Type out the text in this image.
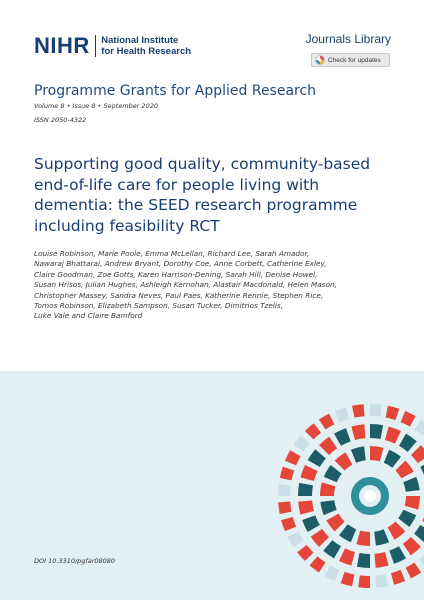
NIHR National Institute
for Health Research
Journals Library
Check for updates
Programme Grants for Applied Research
Volume 8 • Issue 8 • September 2020
ISSN 2050-4322
Supporting good quality, community-based
end-of-life care for people living with
dementia: the SEED research programme
including feasibility RCT
Louise Robinson, Marie Poole, Emma McLellan, Richard Lee, Sarah Amador,
Nawaraj Bhattarai, Andrew Bryant, Dorothy Coe, Anne Corbett, Catherine Exley,
Claire Goodman, Zoe Gotts, Karen Harrison-Dening, Sarah Hill, Denise Howel,
Susan Hrisos, Julian Hughes, Ashleigh Kernohan, Alastair Macdonald, Helen Mason,
Christopher Massey, Sandra Neves, Paul Paes, Katherine Rennie, Stephen Rice,
Tomos Robinson, Elizabeth Sampson, Susan Tucker, Dimitrios Tzelis,
Luke Vale and Claire Bamford
DOI 10.3310/pgfar08080
